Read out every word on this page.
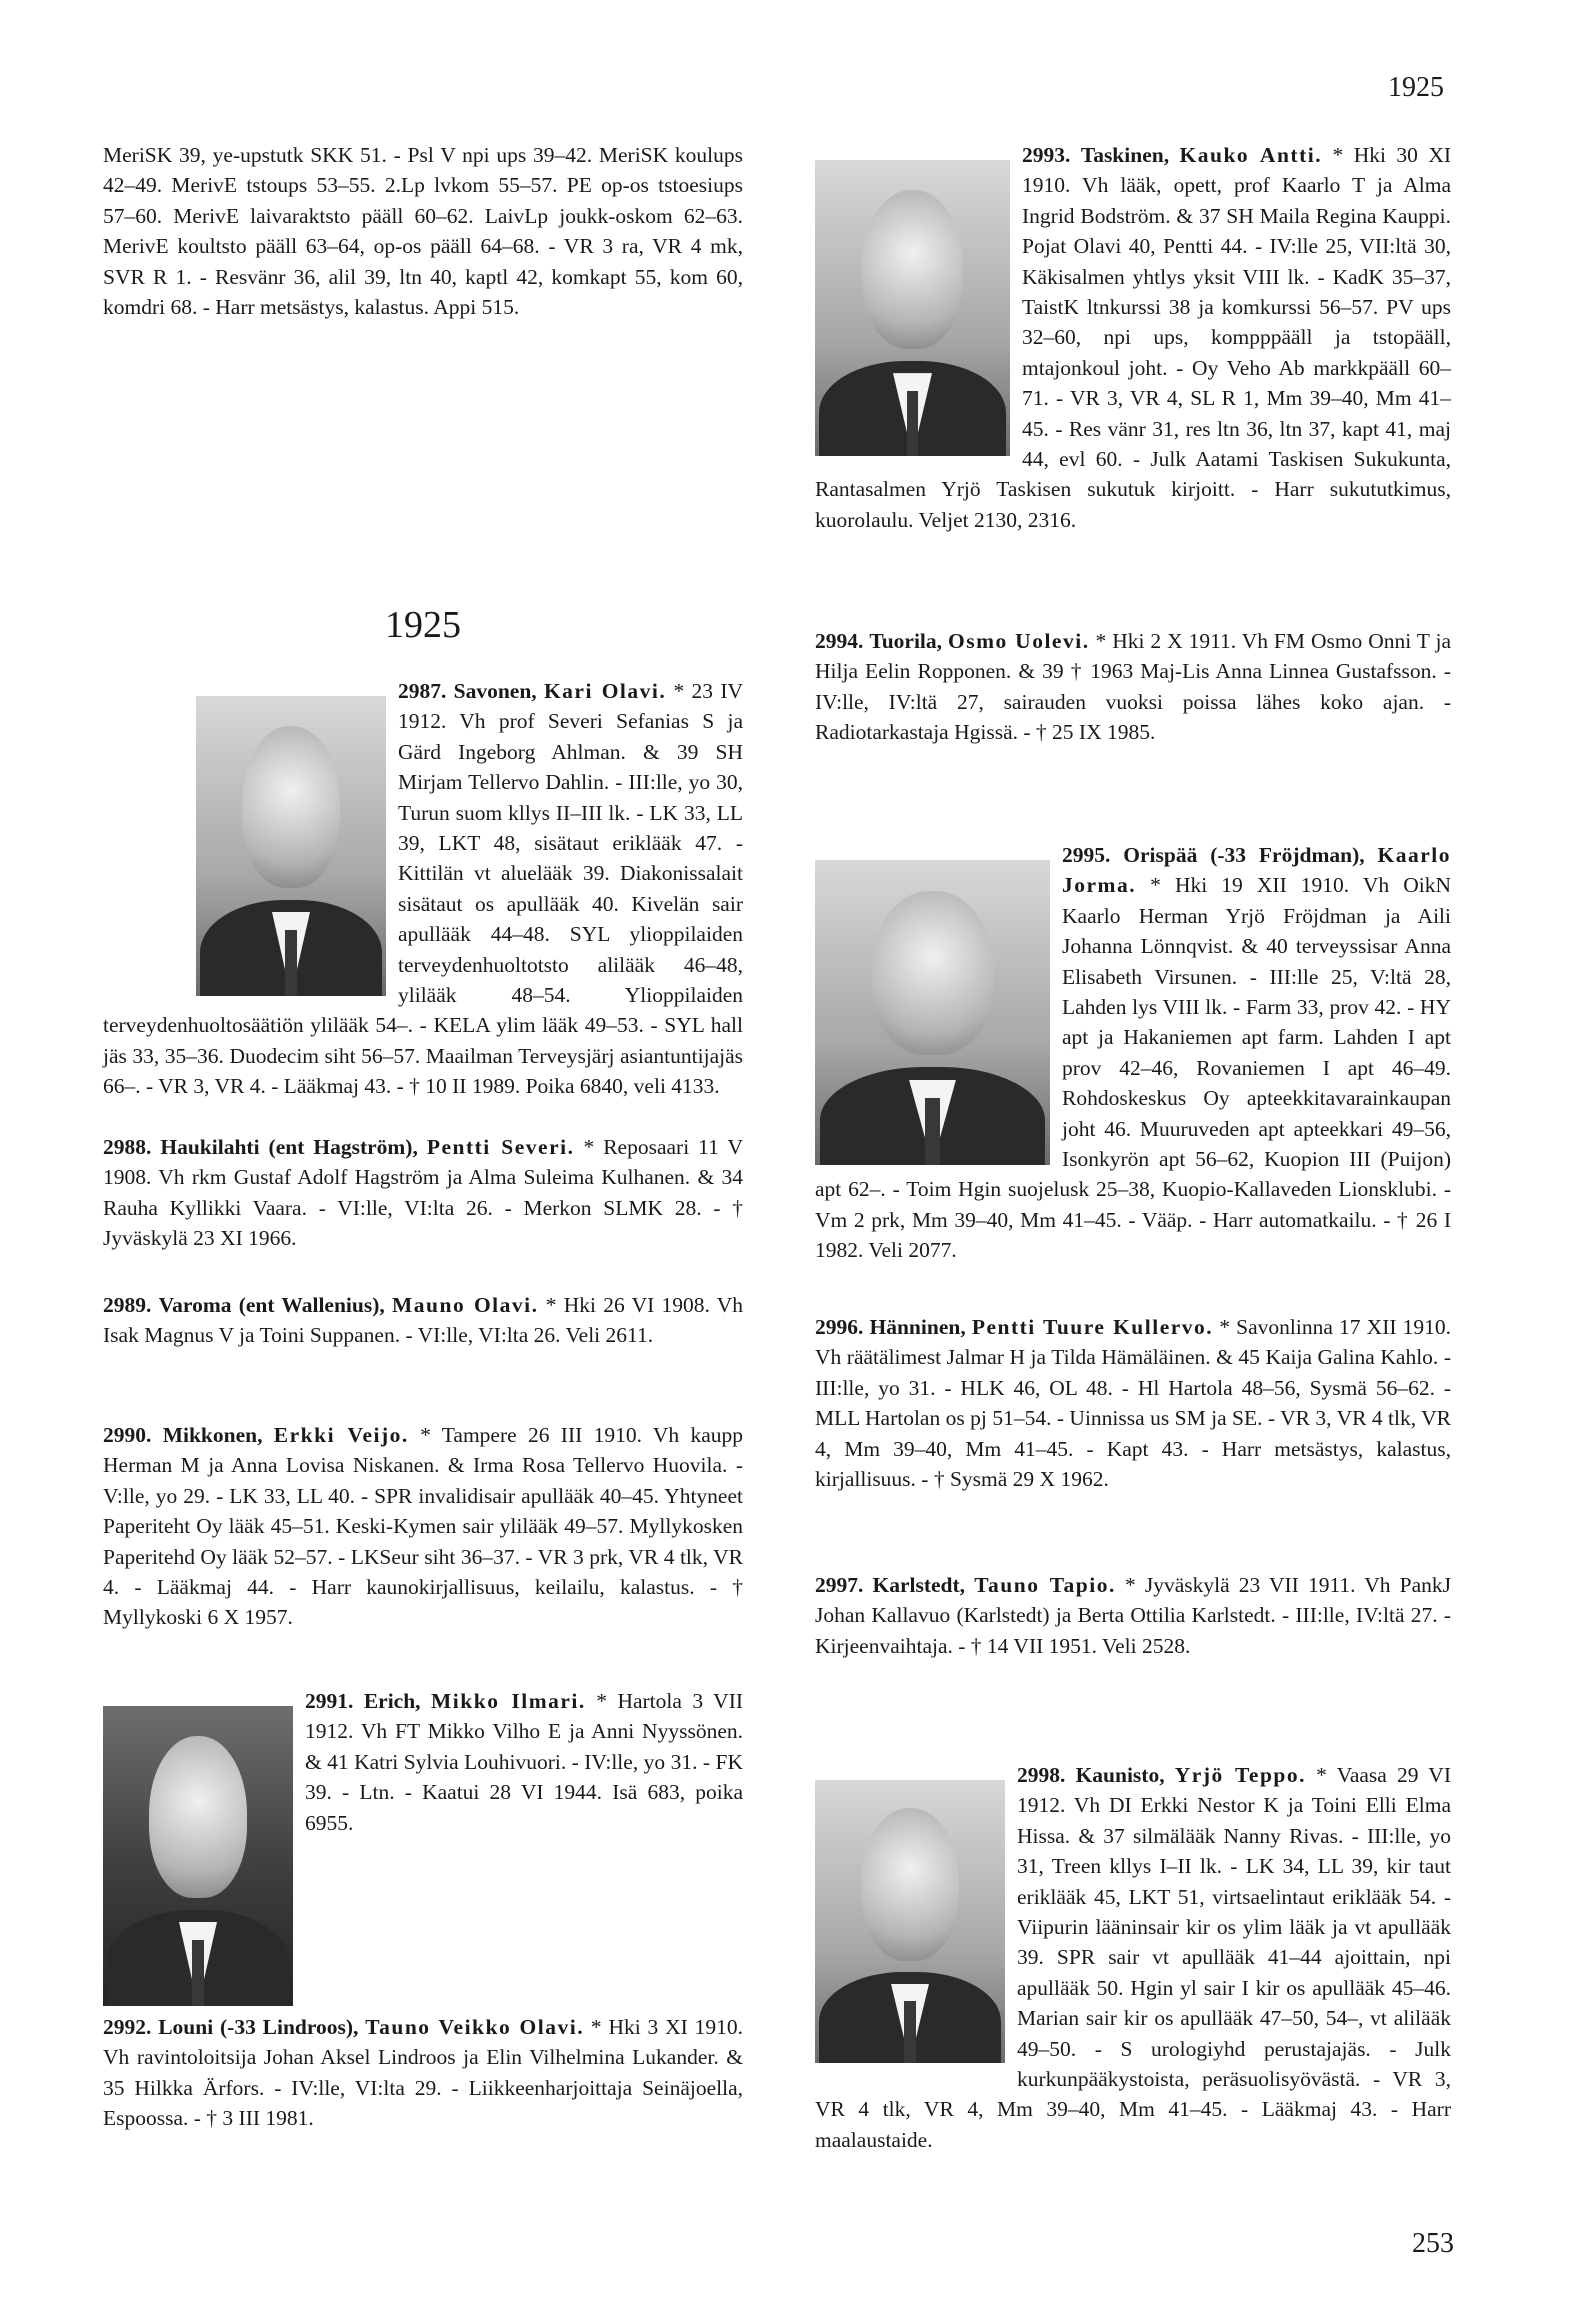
1925
MeriSK 39, ye-upstutk SKK 51. - Psl V npi ups 39–42. MeriSK koulups 42–49. MerivE tstoups 53–55. 2.Lp lvkom 55–57. PE op-os tstoesiups 57–60. MerivE laivaraktsto pääll 60–62. LaivLp joukk-oskom 62–63. MerivE koultsto pääll 63–64, op-os pääll 64–68. - VR 3 ra, VR 4 mk, SVR R 1. - Resvänr 36, alil 39, ltn 40, kaptl 42, komkapt 55, kom 60, komdri 68. - Harr metsästys, kalastus. Appi 515.
1925
2987. Savonen, Kari Olavi. * 23 IV 1912. Vh prof Severi Sefanias S ja Gärd Ingeborg Ahlman. & 39 SH Mirjam Tellervo Dahlin. - III:lle, yo 30, Turun suom kllys II–III lk. - LK 33, LL 39, LKT 48, sisätaut eriklääk 47. - Kittilän vt aluelääk 39. Diakonissalait sisätaut os apullääk 40. Kivelän sair apullääk 44–48. SYL ylioppilaiden terveydenhuoltotsto alilääk 46–48, ylilääk 48–54. Ylioppilaiden terveydenhuoltosäätiön ylilääk 54–. - KELA ylim lääk 49–53. - SYL hall jäs 33, 35–36. Duodecim siht 56–57. Maailman Terveysjärj asiantuntijajäs 66–. - VR 3, VR 4. - Lääkmaj 43. - † 10 II 1989. Poika 6840, veli 4133.
2988. Haukilahti (ent Hagström), Pentti Severi. * Reposaari 11 V 1908. Vh rkm Gustaf Adolf Hagström ja Alma Suleima Kulhanen. & 34 Rauha Kyllikki Vaara. - VI:lle, VI:lta 26. - Merkon SLMK 28. - † Jyväskylä 23 XI 1966.
2989. Varoma (ent Wallenius), Mauno Olavi. * Hki 26 VI 1908. Vh Isak Magnus V ja Toini Suppanen. - VI:lle, VI:lta 26. Veli 2611.
2990. Mikkonen, Erkki Veijo. * Tampere 26 III 1910. Vh kaupp Herman M ja Anna Lovisa Niskanen. & Irma Rosa Tellervo Huovila. - V:lle, yo 29. - LK 33, LL 40. - SPR invalidisair apullääk 40–45. Yhtyneet Paperiteht Oy lääk 45–51. Keski-Kymen sair ylilääk 49–57. Myllykosken Paperitehd Oy lääk 52–57. - LKSeur siht 36–37. - VR 3 prk, VR 4 tlk, VR 4. - Lääkmaj 44. - Harr kaunokirjallisuus, keilailu, kalastus. - † Myllykoski 6 X 1957.
2991. Erich, Mikko Ilmari. * Hartola 3 VII 1912. Vh FT Mikko Vilho E ja Anni Nyyssönen. & 41 Katri Sylvia Louhivuori. - IV:lle, yo 31. - FK 39. - Ltn. - Kaatui 28 VI 1944. Isä 683, poika 6955.
2992. Louni (-33 Lindroos), Tauno Veikko Olavi. * Hki 3 XI 1910. Vh ravintoloitsija Johan Aksel Lindroos ja Elin Vilhelmina Lukander. & 35 Hilkka Ärfors. - IV:lle, VI:lta 29. - Liikkeenharjoittaja Seinäjoella, Espoossa. - † 3 III 1981.
2993. Taskinen, Kauko Antti. * Hki 30 XI 1910. Vh lääk, opett, prof Kaarlo T ja Alma Ingrid Bodström. & 37 SH Maila Regina Kauppi. Pojat Olavi 40, Pentti 44. - IV:lle 25, VII:ltä 30, Käkisalmen yhtlys yksit VIII lk. - KadK 35–37, TaistK ltnkurssi 38 ja komkurssi 56–57. PV ups 32–60, npi ups, kompppääll ja tstopääll, mtajonkoul joht. - Oy Veho Ab markkpääll 60–71. - VR 3, VR 4, SL R 1, Mm 39–40, Mm 41–45. - Res vänr 31, res ltn 36, ltn 37, kapt 41, maj 44, evl 60. - Julk Aatami Taskisen Sukukunta, Rantasalmen Yrjö Taskisen sukutuk kirjoitt. - Harr sukututkimus, kuorolaulu. Veljet 2130, 2316.
2994. Tuorila, Osmo Uolevi. * Hki 2 X 1911. Vh FM Osmo Onni T ja Hilja Eelin Ropponen. & 39 † 1963 Maj-Lis Anna Linnea Gustafsson. - IV:lle, IV:ltä 27, sairauden vuoksi poissa lähes koko ajan. - Radiotarkastaja Hgissä. - † 25 IX 1985.
2995. Orispää (-33 Fröjdman), Kaarlo Jorma. * Hki 19 XII 1910. Vh OikN Kaarlo Herman Yrjö Fröjdman ja Aili Johanna Lönnqvist. & 40 terveyssisar Anna Elisabeth Virsunen. - III:lle 25, V:ltä 28, Lahden lys VIII lk. - Farm 33, prov 42. - HY apt ja Hakaniemen apt farm. Lahden I apt prov 42–46, Rovaniemen I apt 46–49. Rohdoskeskus Oy apteekkitavarainkaupan joht 46. Muuruveden apt apteekkari 49–56, Isonkyrön apt 56–62, Kuopion III (Puijon) apt 62–. - Toim Hgin suojelusk 25–38, Kuopio-Kallaveden Lionsklubi. - Vm 2 prk, Mm 39–40, Mm 41–45. - Vääp. - Harr automatkailu. - † 26 I 1982. Veli 2077.
2996. Hänninen, Pentti Tuure Kullervo. * Savonlinna 17 XII 1910. Vh räätälimest Jalmar H ja Tilda Hämäläinen. & 45 Kaija Galina Kahlo. - III:lle, yo 31. - HLK 46, OL 48. - Hl Hartola 48–56, Sysmä 56–62. - MLL Hartolan os pj 51–54. - Uinnissa us SM ja SE. - VR 3, VR 4 tlk, VR 4, Mm 39–40, Mm 41–45. - Kapt 43. - Harr metsästys, kalastus, kirjallisuus. - † Sysmä 29 X 1962.
2997. Karlstedt, Tauno Tapio. * Jyväskylä 23 VII 1911. Vh PankJ Johan Kallavuo (Karlstedt) ja Berta Ottilia Karlstedt. - III:lle, IV:ltä 27. - Kirjeenvaihtaja. - † 14 VII 1951. Veli 2528.
2998. Kaunisto, Yrjö Teppo. * Vaasa 29 VI 1912. Vh DI Erkki Nestor K ja Toini Elli Elma Hissa. & 37 silmälääk Nanny Rivas. - III:lle, yo 31, Treen kllys I–II lk. - LK 34, LL 39, kir taut eriklääk 45, LKT 51, virtsaelintaut eriklääk 54. - Viipurin lääninsair kir os ylim lääk ja vt apullääk 39. SPR sair vt apullääk 41–44 ajoittain, npi apullääk 50. Hgin yl sair I kir os apullääk 45–46. Marian sair kir os apullääk 47–50, 54–, vt alilääk 49–50. - S urologiyhd perustajajäs. - Julk kurkunpääkystoista, peräsuolisyövästä. - VR 3, VR 4 tlk, VR 4, Mm 39–40, Mm 41–45. - Lääkmaj 43. - Harr maalaustaide.
253
